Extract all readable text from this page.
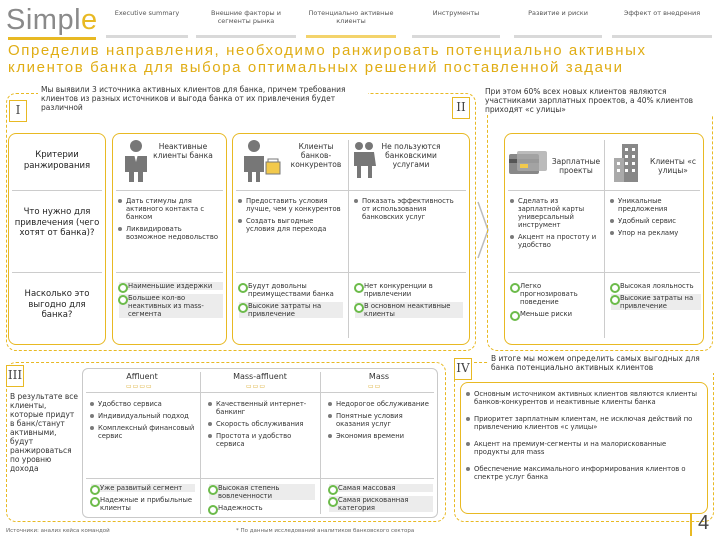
Simple	Executive summary	Внешние факторы и сегменты рынка
Потенциально активные клиенты
Инструменты	Развитие и риски	Эффект от внедрения
Определив направления, необходимо ранжировать потенциально активных клиентов банка для выбора оптимальных решений поставленной задачи
I
Мы выявили 3 источника активных клиентов для банка, причем требования клиентов из разных источников и выгода банка от их привлечения будет различной
Критерии ранжирования
Что нужно для привлечения (чего хотят от банка)?
Насколько это выгодно для банка?
Неактивные клиенты банка
Дать стимулы для активного контакта с банком
Ликвидировать возможное недовольство
Наименьшие издержки
Большее кол-во неактивных из mass-сегмента
Клиенты банков-конкурентов
Не пользуются банковскими услугами
Предоставить условия лучше, чем у конкурентов
Создать выгодные условия для перехода
Показать эффективность от использования банковских услуг
Будут довольны преимуществами банка
Высокие затраты на привлечение
Нет конкуренции в привлечении
В основном неактивные клиенты
II
При этом 60% всех новых клиентов являются участниками зарплатных проектов, а 40% клиентов приходят «с улицы»
Зарплатные проекты
Клиенты «с улицы»
Сделать из зарплатной карты универсальный инструмент
Акцент на простоту и удобство
Уникальные предложения
Удобный сервис
Упор на рекламу
Легко прогнозировать поведение
Меньше риски
Высокая лояльность
Высокие затраты на привлечение
III
В результате все клиенты, которые придут в банк/станут активными, будут ранжироваться по уровню дохода
Affluent
▭▭▭▭
Mass-affluent
▭▭▭
Mass
▭▭
Удобство сервиса
Индивидуальный подход
Комплексный финансовый сервис
Уже развитый сегмент
Надежные и прибыльные клиенты
Качественный интернет-банкинг
Скорость обслуживания
Простота и удобство сервиса
Высокая степень вовлеченности
Надежность
Недорогое обслуживание
Понятные условия оказания услуг
Экономия времени
Самая массовая
Самая рискованная категория
IV
В итоге мы можем определить самых выгодных для банка потенциально активных клиентов
Основным источником активных клиентов являются клиенты банков-конкурентов и неактивные клиенты банка
Приоритет зарплатным клиентам, не исключая действий по привлечению клиентов «с улицы»
Акцент на премиум-сегменты и на малорискованные продукты для mass
Обеспечение максимального информирования клиентов о спектре услуг банка
Источники: анализ кейса командой	* По данным исследований аналитиков банковского сектора	4
